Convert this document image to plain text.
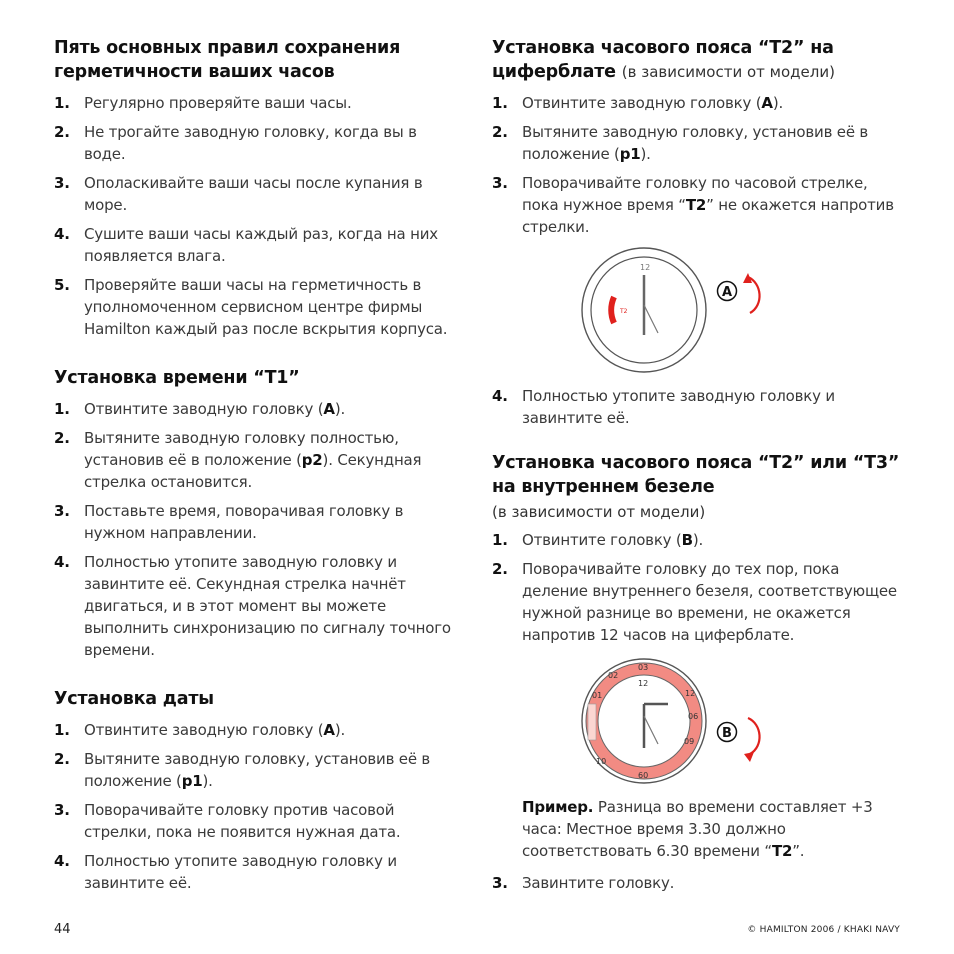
Пять основных правил сохранения герметичности ваших часов
1. Регулярно проверяйте ваши часы.
2. Не трогайте заводную головку, когда вы в воде.
3. Ополаскивайте ваши часы после купания в море.
4. Сушите ваши часы каждый раз, когда на них появляется влага.
5. Проверяйте ваши часы на герметичность в уполномоченном сервисном центре фирмы Hamilton каждый раз после вскрытия корпуса.
Установка времени “T1”
1. Отвинтите заводную головку (A).
2. Вытяните заводную головку полностью, установив её в положение (p2). Секундная стрелка остановится.
3. Поставьте время, поворачивая головку в нужном направлении.
4. Полностью утопите заводную головку и завинтите её. Секундная стрелка начнёт двигаться, и в этот момент вы можете выполнить синхронизацию по сигналу точного времени.
Установка даты
1. Отвинтите заводную головку (A).
2. Вытяните заводную головку, установив её в положение (p1).
3. Поворачивайте головку против часовой стрелки, пока не появится нужная дата.
4. Полностью утопите заводную головку и завинтите её.
Установка часового пояса “T2” на циферблате (в зависимости от модели)
1. Отвинтите заводную головку (A).
2. Вытяните заводную головку, установив её в положение (p1).
3. Поворачивайте головку по часовой стрелке, пока нужное время “T2” не окажется напротив стрелки.
12
T2
A
4. Полностью утопите заводную головку и завинтите её.
Установка часового пояса “T2” или “T3” на внутреннем безеле
(в зависимости от модели)
1. Отвинтите головку (B).
2. Поворачивайте головку до тех пор, пока деление внутреннего безеля, соответствующее нужной разнице во времени, не окажется напротив 12 часов на циферблате.
03
06
09
12
60
10
01
02
12
B
Пример. Разница во времени составляет +3 часа: Местное время 3.30 должно соответствовать 6.30 времени “T2”.
3. Завинтите головку.
44	© HAMILTON 2006 / KHAKI NAVY
